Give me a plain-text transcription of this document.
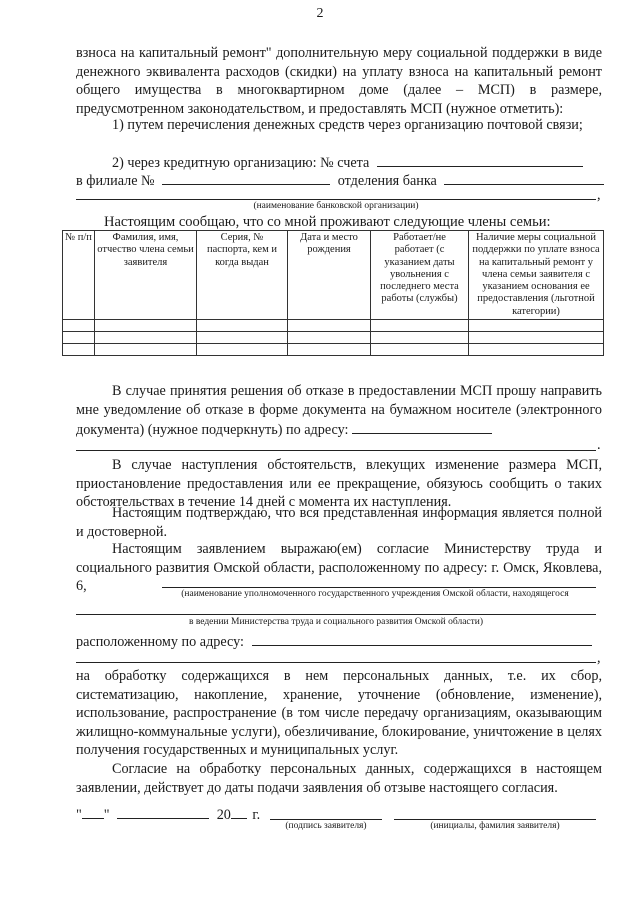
2
взноса на капитальный ремонт" дополнительную меру социальной поддержки в виде денежного эквивалента расходов (скидки) на уплату взноса на капитальный ремонт общего имущества в многоквартирном доме (далее – МСП) в размере, предусмотренном законодательством, и предоставлять МСП (нужное отметить):
1) путем перечисления денежных средств через организацию почтовой связи;
2) через кредитную организацию: № счета
в филиале №	отделения банка
,
(наименование банковской организации)
Настоящим сообщаю, что со мной проживают следующие члены семьи:
№ п/п	Фамилия, имя, отчество члена семьи заявителя	Серия, № паспорта, кем и когда выдан	Дата и место рождения	Работает/не работает (с указанием даты увольнения с последнего места работы (службы)	Наличие меры социальной поддержки по уплате взноса на капитальный ремонт у члена семьи заявителя с указанием основания ее предоставления (льготной категории)

В случае принятия решения об отказе в предоставлении МСП прошу направить мне уведомление об отказе в форме документа на бумажном носителе (электронного документа) (нужное подчеркнуть) по адресу:
.
В случае наступления обстоятельств, влекущих изменение размера МСП, приостановление предоставления или ее прекращение, обязуюсь сообщить о таких обстоятельствах в течение 14 дней с момента их наступления.
Настоящим подтверждаю, что вся представленная информация является полной и достоверной.
Настоящим заявлением выражаю(ем) согласие Министерству труда и социального развития Омской области, расположенному по адресу: г. Омск, Яковлева, 6,	(наименование уполномоченного государственного учреждения Омской области, находящегося
в ведении Министерства труда и социального развития Омской области)
расположенному по адресу:
,
на обработку содержащихся в нем персональных данных, т.е. их сбор, систематизацию, накопление, хранение, уточнение (обновление, изменение), использование, распространение (в том числе передачу организациям, оказывающим жилищно-коммунальные услуги), обезличивание, блокирование, уничтожение в целях получения государственных и муниципальных услуг.
Согласие на обработку персональных данных, содержащихся в настоящем заявлении, действует до даты подачи заявления об отзыве настоящего согласия.
" "	20 г.
(подпись заявителя)	(инициалы, фамилия заявителя)
